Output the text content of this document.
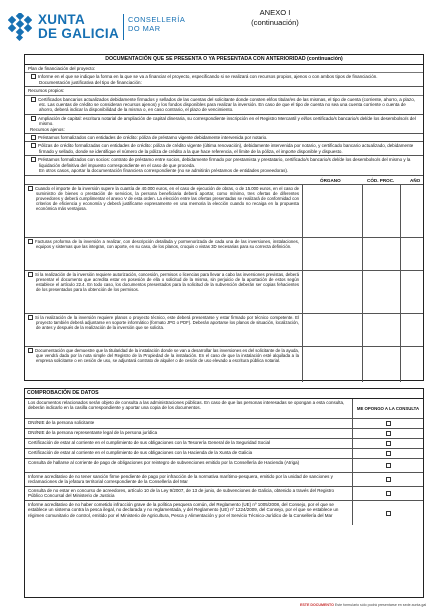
XUNTA
DE GALICIA
CONSELLERÍA
DO MAR
ANEXO I
(continuación)
DOCUMENTACIÓN QUE SE PRESENTA O YA PRESENTADA CON ANTERIORIDAD (continuación)
Plan de financiación del proyecto:
Informe en el que se indique la forma en la que se va a financiar el proyecto, especificando si se realizará con recursos propios, ajenos o con ambos tipos de financiación.
Documentación justificativa del tipo de financiación:
Recursos propios:
Certificados bancarios actualizados debidamente firmados y sellados de las cuentas del solicitante donde consten el/los titular/es de las mismas, el tipo de cuenta (corriente, ahorro, a plazo, etc. Las cuentas de crédito se consideran recursos ajenos) y los fondos disponibles para realizar la inversión. En caso de que el tipo de cuenta no sea una cuenta corriente o cuenta de ahorro, deberá indicar la disponibilidad de la misma o, en caso contrario, el plazo de vencimiento.
Ampliación de capital: escritura notarial de ampliación de capital dineraria, su correspondiente inscripción en el Registro Mercantil y el/los certificado/s bancario/s del/de los desembolso/s del mismo.
Recursos ajenos:
Préstamos formalizados con entidades de crédito: póliza de préstamo vigente debidamente intervenida por notario.
Pólizas de crédito formalizadas con entidades de crédito: póliza de crédito vigente (última renovación), debidamente intervenida por notario, y certificado bancario actualizado, debidamente firmado y sellado, donde se identifique el número de la póliza de crédito a la que hace referencia, el límite de la póliza, el importe disponible y dispuesto.
Préstamos formalizados con socios: contrato de préstamo entre socios, debidamente firmado por prestamista y prestatario, certificado/s bancario/s del/de los desembolso/s del mismo y la liquidación definitiva del impuesto correspondiente en el caso de que proceda.
En otros casos, aportar la documentación financiera correspondiente (no se admitirán préstamos de entidades proveedoras).
ÓRGANO	CÓD. PROC.	AÑO
Cuando el importe de la inversión supere la cuantía de 40.000 euros, en el caso de ejecución de obras, o de 15.000 euros, en el caso de suministro de bienes o prestación de servicios, la persona beneficiaria deberá aportar, como mínimo, tres ofertas de diferentes proveedores y deberá cumplimentar el anexo V de esta orden. La elección entre las ofertas presentadas se realizará de conformidad con criterios de eficiencia y economía y deberá justificarse expresamente en una memoria la elección cuando no recaiga en la propuesta económica más ventajosa.
Facturas proforma de la inversión a realizar, con descripción detallada y pormenorizada de cada una de las inversiones, instalaciones, equipos y sistemas que las integran, con aporte, en su caso, de los planos, croquis o vistas 3D necesarias para su correcta definición.
Si la realización de la inversión requiere autorización, concesión, permisos o licencias para llevar a cabo las inversiones previstas, deberá presentar el documento que acredita estar en posesión de ella o solicitud de la misma, sin perjuicio de la aportación de estos según establece el artículo 22.4. En todo caso, los documentos presentados para la solicitud de la subvención deberán ser copias fehacientes de los presentados para la obtención de los permisos.
Si la realización de la inversión requiere planos o proyecto técnico, este deberá presentarse y estar firmado por técnico competente. El proyecto también deberá adjuntarse en soporte informático (formato JPG o PDF). Deberán aportarse los planos de situación, localización, de antes y después de la realización de la inversión que se solicita.
Documentación que demuestre que la titularidad de la instalación donde se van a desarrollar las inversiones es del solicitante de la ayuda, que vendrá dada por la nota simple del Registro de la Propiedad de la instalación. En el caso de que la instalación esté alquilada a la empresa solicitante o en cesión de uso, se adjuntará contrato de alquiler o de cesión de uso elevado a escritura pública notarial.
COMPROBACIÓN DE DATOS
Los documentos relacionados serán objeto de consulta a las administraciones públicas. En caso de que las personas interesadas se opongan a esta consulta, deberán indicarlo en la casilla correspondiente y aportar una copia de los documentos.	ME OPONGO A LA CONSULTA
DNI/NIE de la persona solicitante
DNI/NIE de la persona representante legal de la persona jurídica
Certificación de estar al corriente en el cumplimiento de sus obligaciones con la Tesorería General de la Seguridad Social
Certificación de estar al corriente en el cumplimiento de sus obligaciones con la Hacienda de la Xunta de Galicia
Consulta de hallarse al corriente de pago de obligaciones por reintegro de subvenciones emitido por la Consellería de Hacienda (Atriga)
Informe acreditativo de no tener sanción firme pendiente de pago por infracción de la normativa marítimo-pesquera, emitido por la unidad de sanciones y reclamaciones de la jefatura territorial correspondiente de la Consellería del Mar
Consulta de no estar en concurso de acreedores, artículo 10 de la Ley 9/2007, de 13 de junio, de subvenciones de Galicia, obtenido a través del Registro Público Concursal del Ministerio de Justicia
Informe acreditativo de no haber cometido infracción grave de la política pesquera común, del Reglamento (UE) nº 1005/2008, del Consejo, por el que se establece un sistema contra la pesca ilegal, no declarada y no reglamentada, y del Reglamento (UE) nº 1224/2009, del Consejo, por el que se establece un régimen comunitario de control, emitido por el Ministerio de Agricultura, Pesca y Alimentación y por el Servicio Técnico-Jurídico de la Consellería del Mar
ESTE DOCUMENTO Este formulario sólo podrá presentarse en sede.xunta.gal
